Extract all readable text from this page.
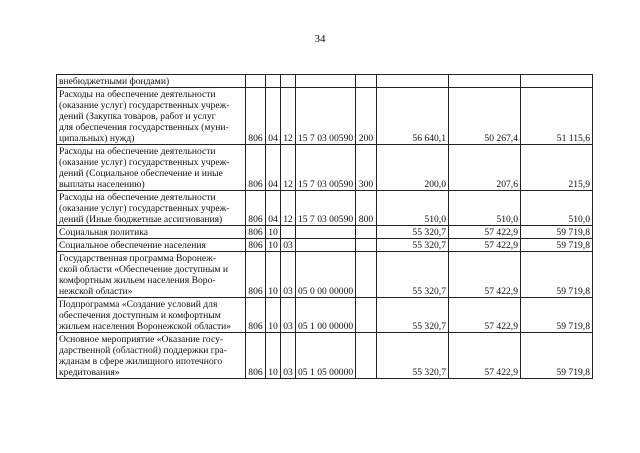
34
внебюджетными фондами)								

Расходы на обеспечение деятельности
(оказание услуг) государственных учреж-
дений (Закупка товаров, работ и услуг
для обеспечения государственных (муни-
ципальных) нужд)	806	04	12	15 7 03 00590	200	56 640,1	50 267,4	51 115,6

Расходы на обеспечение деятельности
(оказание услуг) государственных учреж-
дений (Социальное обеспечение и иные
выплаты населению)	806	04	12	15 7 03 00590	300	200,0	207,6	215,9

Расходы на обеспечение деятельности
(оказание услуг) государственных учреж-
дений (Иные бюджетные ассигнования)	806	04	12	15 7 03 00590	800	510,0	510,0	510,0

Социальная политика	806	10				55 320,7	57 422,9	59 719,8

Социальное обеспечение населения	806	10	03			55 320,7	57 422,9	59 719,8

Государственная программа Воронеж-
ской области «Обеспечение доступным и
комфортным жильем населения Воро-
нежской области»	806	10	03	05 0 00 00000		55 320,7	57 422,9	59 719,8

Подпрограмма «Создание условий для
обеспечения доступным и комфортным
жильем населения Воронежской области»	806	10	03	05 1 00 00000		55 320,7	57 422,9	59 719,8

Основное мероприятие «Оказание госу-
дарственной (областной) поддержки гра-
жданам в сфере жилищного ипотечного
кредитования»	806	10	03	05 1 05 00000		55 320,7	57 422,9	59 719,8
